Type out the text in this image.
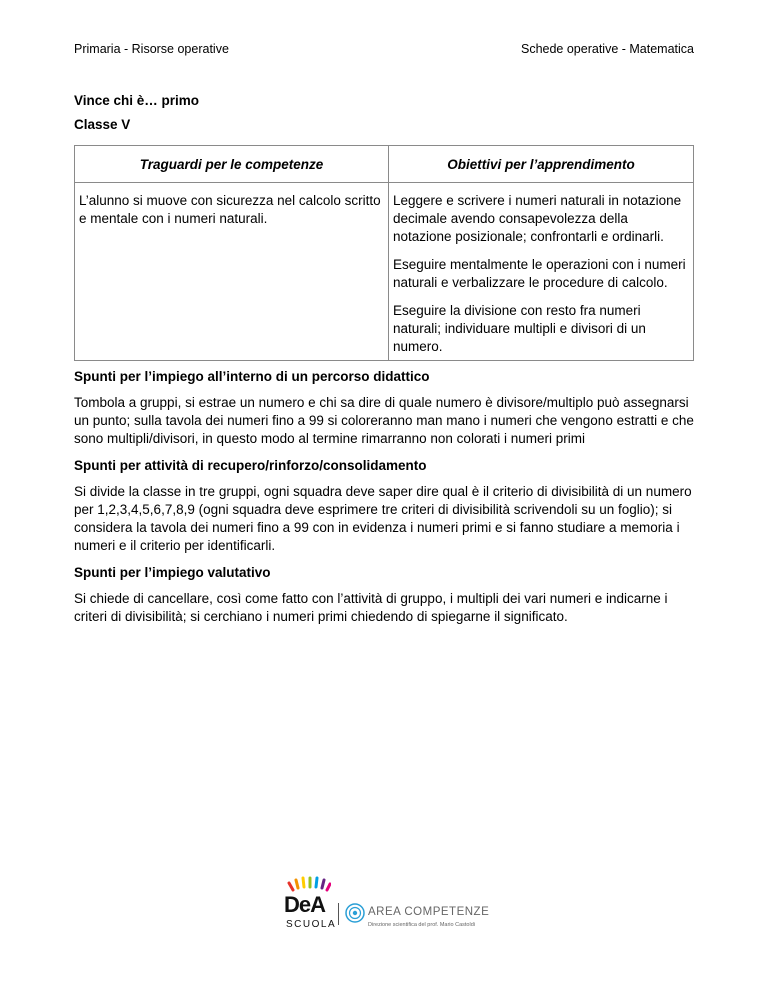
Primaria - Risorse operative	Schede operative - Matematica
Vince chi è… primo
Classe V
Traguardi per le competenze	Obiettivi per l’apprendimento
L’alunno si muove con sicurezza nel calcolo scritto e mentale con i numeri naturali.	Leggere e scrivere i numeri naturali in notazione decimale avendo consapevolezza della notazione posizionale; confrontarli e ordinarli.

Eseguire mentalmente le operazioni con i numeri naturali e verbalizzare le procedure di calcolo.

Eseguire la divisione con resto fra numeri naturali; individuare multipli e divisori di un numero.

Spunti per l’impiego all’interno di un percorso didattico

Tombola a gruppi, si estrae un numero e chi sa dire di quale numero è divisore/multiplo può assegnarsi un punto; sulla tavola dei numeri fino a 99 si coloreranno man mano i numeri che vengono estratti e che sono multipli/divisori, in questo modo al termine rimarranno non colorati i numeri primi

Spunti per attività di recupero/rinforzo/consolidamento

Si divide la classe in tre gruppi, ogni squadra deve saper dire qual è il criterio di divisibilità di un numero per 1,2,3,4,5,6,7,8,9 (ogni squadra deve esprimere tre criteri di divisibilità scrivendoli su un foglio); si considera la tavola dei numeri fino a 99 con in evidenza i numeri primi e si fanno studiare a memoria i numeri e il criterio per identificarli.

Spunti per l’impiego valutativo

Si chiede di cancellare, così come fatto con l’attività di gruppo, i multipli dei vari numeri e indicarne i criteri di divisibilità; si cerchiano i numeri primi chiedendo di spiegarne il significato.

DeA
SCUOLA
AREA COMPETENZE
Direzione scientifica del prof. Mario Castoldi
